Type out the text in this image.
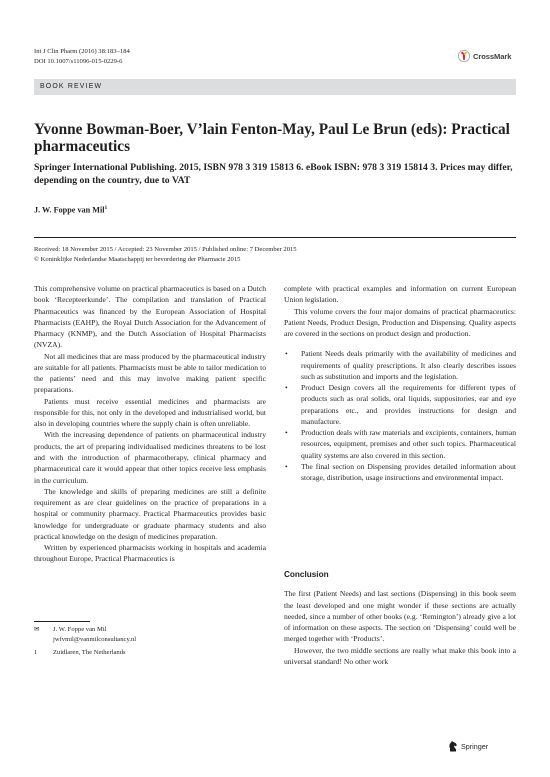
Int J Clin Pharm (2016) 38:183–184
DOI 10.1007/s11096-015-0229-6
CrossMark
BOOK REVIEW
Yvonne Bowman-Boer, V’lain Fenton-May, Paul Le Brun (eds): Practical pharmaceutics
Springer International Publishing. 2015, ISBN 978 3 319 15813 6. eBook ISBN: 978 3 319 15814 3. Prices may differ, depending on the country, due to VAT
J. W. Foppe van Mil$^1$
Received: 18 November 2015 / Accepted: 23 November 2015 / Published online: 7 December 2015
© Koninklijke Nederlandse Maatschappij ter bevordering der Pharmacie 2015

This comprehensive volume on practical pharmaceutics is based on a Dutch book ‘Recepteerkunde’. The compilation and translation of Practical Pharmaceutics was financed by the European Association of Hospital Pharmacists (EAHP), the Royal Dutch Association for the Advancement of Pharmacy (KNMP), and the Dutch Association of Hospital Pharmacists (NVZA).

Not all medicines that are mass produced by the pharmaceutical industry are suitable for all patients. Pharmacists must be able to tailor medication to the patients’ need and this may involve making patient specific preparations.

Patients must receive essential medicines and pharmacists are responsible for this, not only in the developed and industrialised world, but also in developing countries where the supply chain is often unreliable.

With the increasing dependence of patients on pharmaceutical industry products, the art of preparing individualised medicines threatens to be lost and with the introduction of pharmacotherapy, clinical pharmacy and pharmaceutical care it would appear that other topics receive less emphasis in the curriculum.

The knowledge and skills of preparing medicines are still a definite requirement as are clear guidelines on the practice of preparations in a hospital or community pharmacy. Practical Pharmaceutics provides basic knowledge for undergraduate or graduate pharmacy students and also practical knowledge on the design of medicines preparation.

Written by experienced pharmacists working in hospitals and academia throughout Europe, Practical Pharmaceutics is

✉ J. W. Foppe van Mil
jwfvmil@vanmilconsultancy.nl
1 Zuidlaren, The Netherlands

complete with practical examples and information on current European Union legislation.

This volume covers the four major domains of practical pharmaceutics: Patient Needs, Product Design, Production and Dispensing. Quality aspects are covered in the sections on product design and production.

• Patient Needs deals primarily with the availability of medicines and requirements of quality prescriptions. It also clearly describes issues such as substitution and imports and the legislation.
• Product Design covers all the requirements for different types of products such as oral solids, oral liquids, suppositories, ear and eye preparations etc., and provides instructions for design and manufacture.
• Production deals with raw materials and excipients, containers, human resources, equipment, premises and other such topics. Pharmaceutical quality systems are also covered in this section.
• The final section on Dispensing provides detailed information about storage, distribution, usage instructions and environmental impact.
Conclusion

The first (Patient Needs) and last sections (Dispensing) in this book seem the least developed and one might wonder if these sections are actually needed, since a number of other books (e.g. ‘Remington’) already give a lot of information on these aspects. The section on ‘Dispensing’ could well be merged together with ‘Products’.

However, the two middle sections are really what make this book into a universal standard! No other work

Springer
